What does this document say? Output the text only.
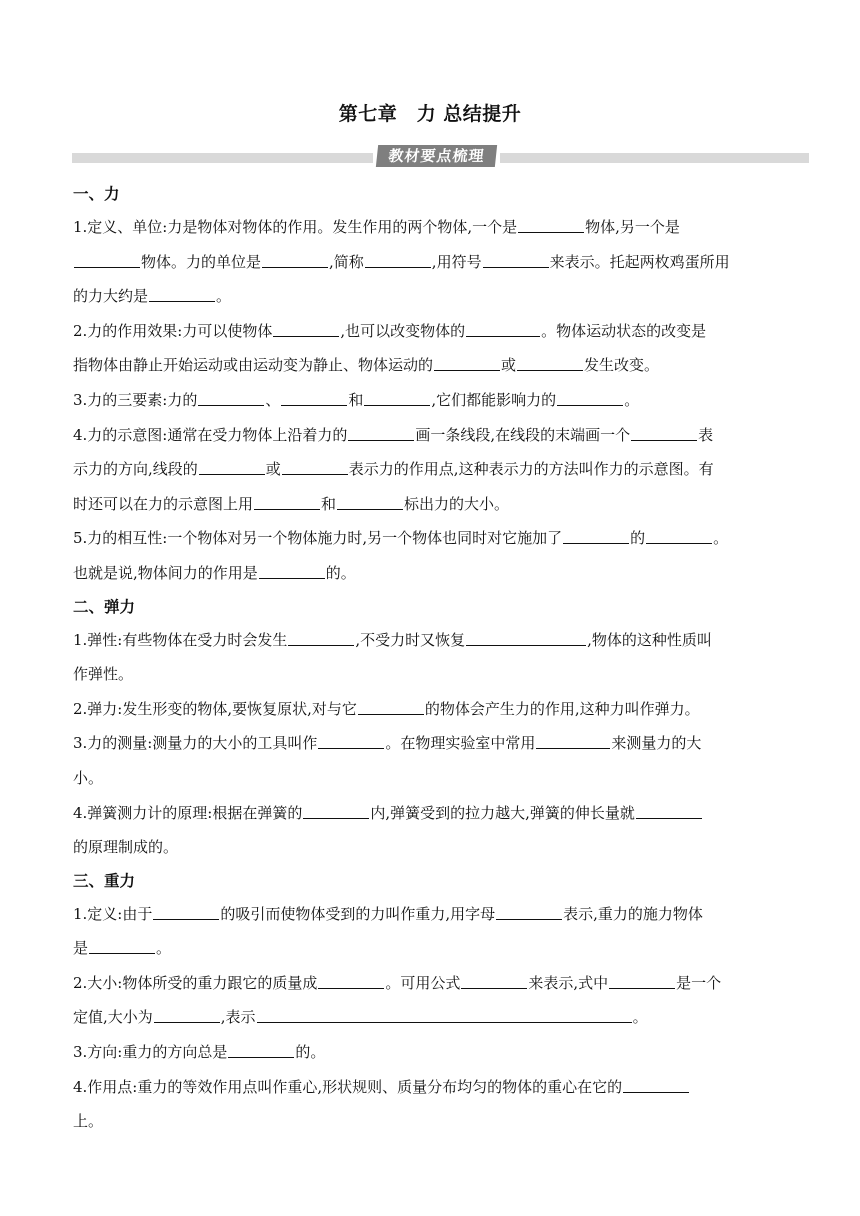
第七章　力 总结提升
教材要点梳理
一、力
1.定义、单位:力是物体对物体的作用。发生作用的两个物体,一个是	物体,另一个是
物体。力的单位是	,简称	,用符号	来表示。托起两枚鸡蛋所用
的力大约是	。
2.力的作用效果:力可以使物体	,也可以改变物体的	。物体运动状态的改变是
指物体由静止开始运动或由运动变为静止、物体运动的	或	发生改变。
3.力的三要素:力的	、	和	,它们都能影响力的	。
4.力的示意图:通常在受力物体上沿着力的	画一条线段,在线段的末端画一个	表
示力的方向,线段的	或	表示力的作用点,这种表示力的方法叫作力的示意图。有
时还可以在力的示意图上用	和	标出力的大小。
5.力的相互性:一个物体对另一个物体施力时,另一个物体也同时对它施加了	的	。
也就是说,物体间力的作用是	的。
二、弹力
1.弹性:有些物体在受力时会发生	,不受力时又恢复	,物体的这种性质叫
作弹性。
2.弹力:发生形变的物体,要恢复原状,对与它	的物体会产生力的作用,这种力叫作弹力。
3.力的测量:测量力的大小的工具叫作	。在物理实验室中常用	来测量力的大
小。
4.弹簧测力计的原理:根据在弹簧的	内,弹簧受到的拉力越大,弹簧的伸长量就
的原理制成的。
三、重力
1.定义:由于	的吸引而使物体受到的力叫作重力,用字母	表示,重力的施力物体
是	。
2.大小:物体所受的重力跟它的质量成	。可用公式	来表示,式中	是一个
定值,大小为	,表示	。
3.方向:重力的方向总是	的。
4.作用点:重力的等效作用点叫作重心,形状规则、质量分布均匀的物体的重心在它的
上。
